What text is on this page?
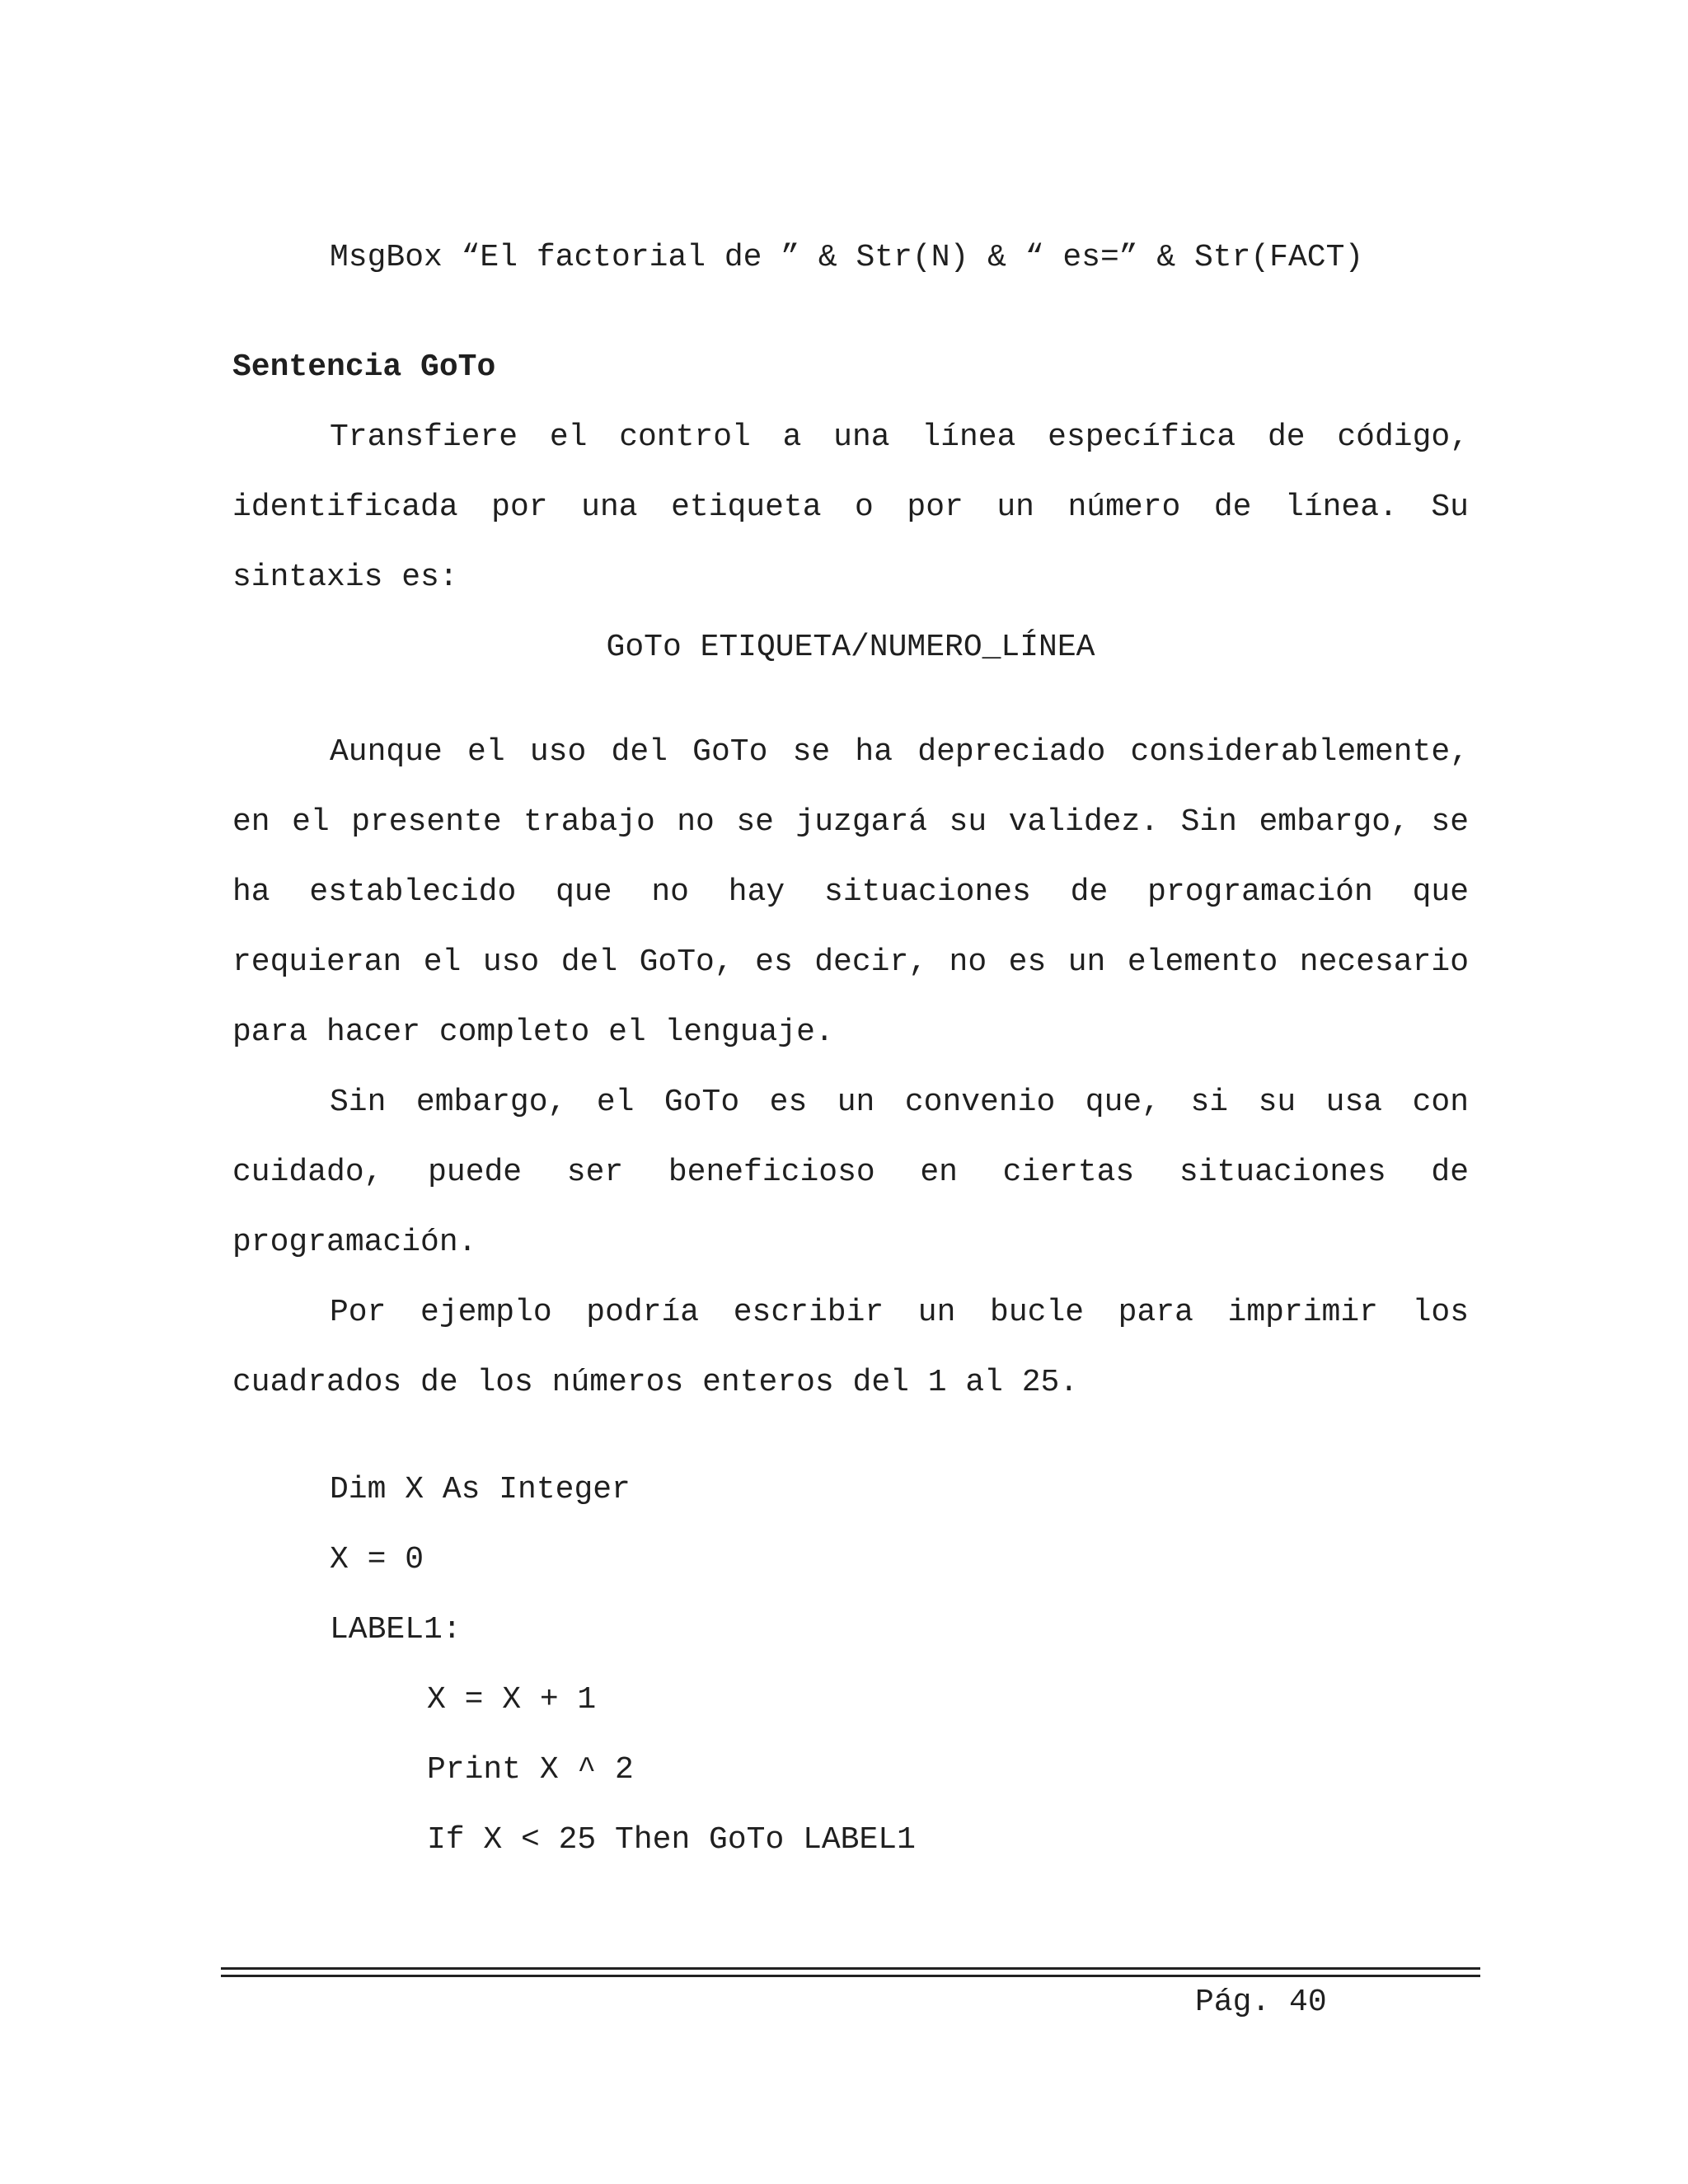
MsgBox “El factorial de ” & Str(N) & “ es=” & Str(FACT)
Sentencia GoTo
Transfiere el control a una línea específica de código, identificada por una etiqueta o por un número de línea. Su sintaxis es:
GoTo ETIQUETA/NUMERO_LÍNEA
Aunque el uso del GoTo se ha depreciado considerablemente, en el presente trabajo no se juzgará su validez. Sin embargo, se ha establecido que no hay situaciones de programación que requieran el uso del GoTo, es decir, no es un elemento necesario para hacer completo el lenguaje.
Sin embargo, el GoTo es un convenio que, si su usa con cuidado, puede ser beneficioso en ciertas situaciones de programación.
Por ejemplo podría escribir un bucle para imprimir los cuadrados de los números enteros del 1 al 25.
Dim X As Integer
X = 0
LABEL1:
X = X + 1
Print X ^ 2
If X < 25 Then GoTo LABEL1
Pág. 40
